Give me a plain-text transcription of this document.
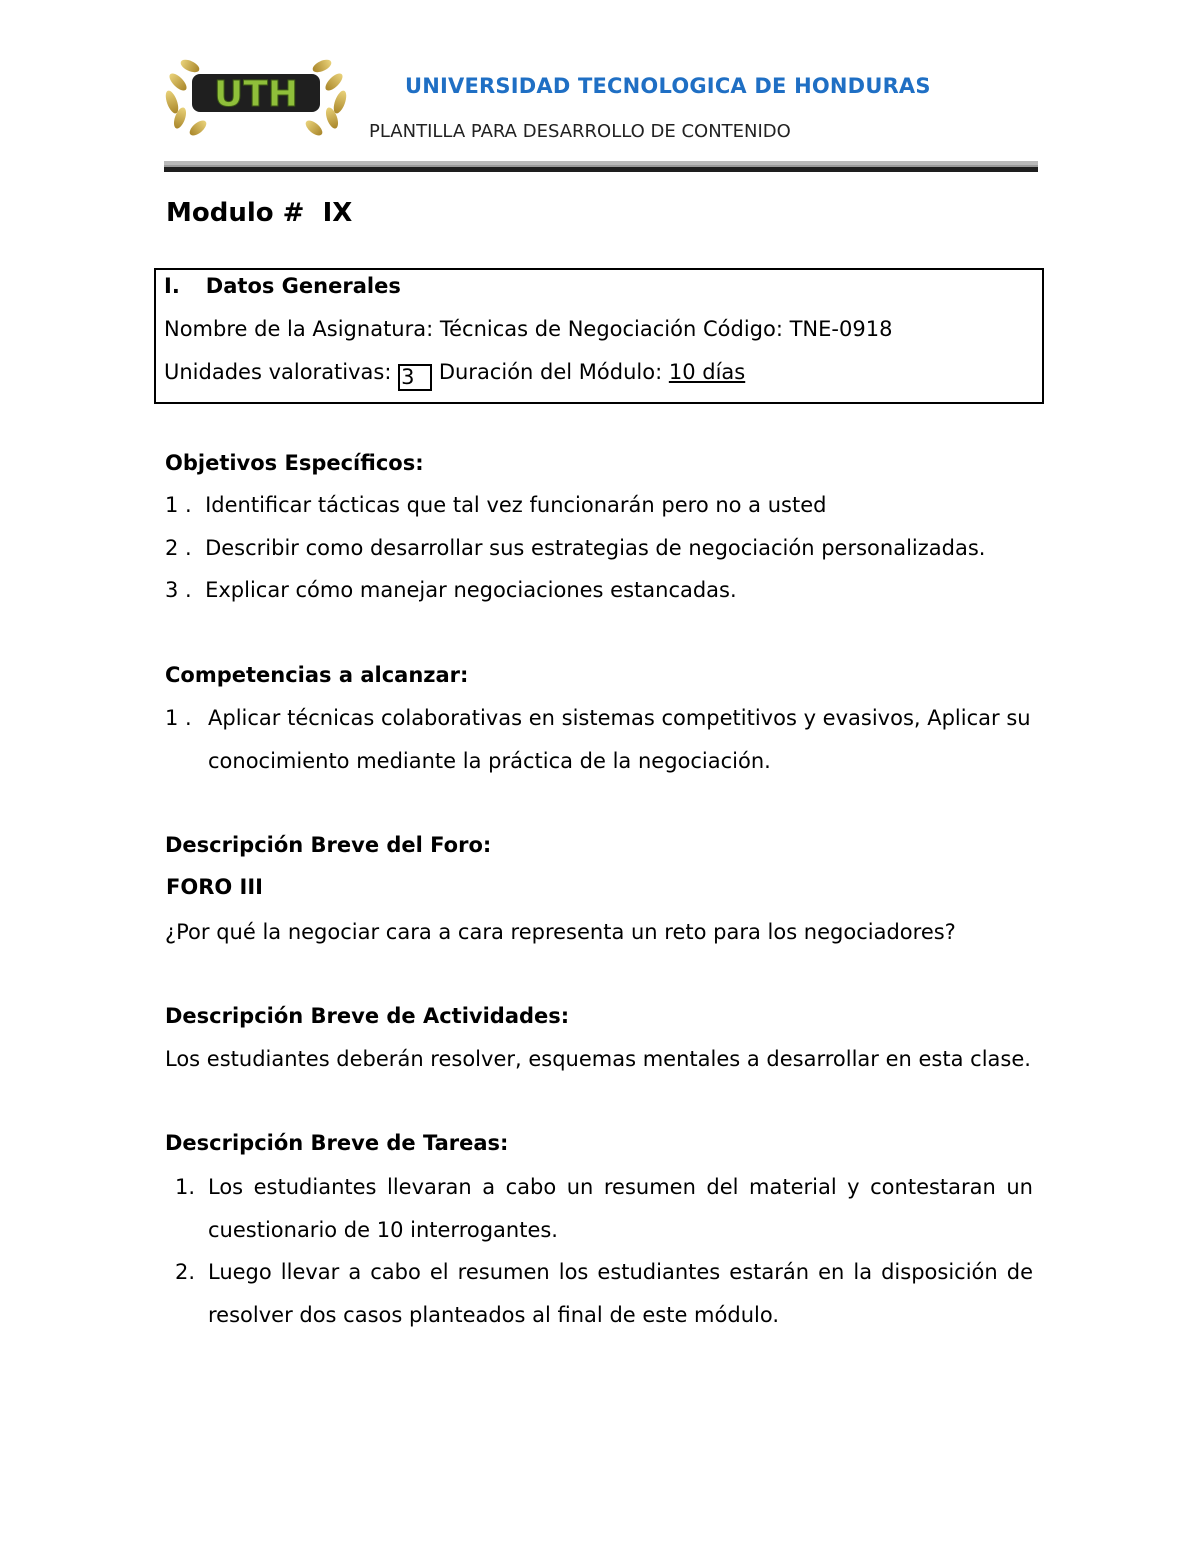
UTH	UNIVERSIDAD TECNOLOGICA DE HONDURAS
PLANTILLA PARA DESARROLLO DE CONTENIDO
Modulo # IX
I. Datos Generales
Nombre de la Asignatura: Técnicas de Negociación Código: TNE-0918
Unidades valorativas: 3 Duración del Módulo: 10 días
Objetivos Específicos:
1 . Identificar tácticas que tal vez funcionarán pero no a usted
2 . Describir como desarrollar sus estrategias de negociación personalizadas.
3 . Explicar cómo manejar negociaciones estancadas.
Competencias a alcanzar:
1 . Aplicar técnicas colaborativas en sistemas competitivos y evasivos, Aplicar su
conocimiento mediante la práctica de la negociación.
Descripción Breve del Foro:
FORO III
¿Por qué la negociar cara a cara representa un reto para los negociadores?
Descripción Breve de Actividades:
Los estudiantes deberán resolver, esquemas mentales a desarrollar en esta clase.
Descripción Breve de Tareas:
1. Los estudiantes llevaran a cabo un resumen del material y contestaran un
cuestionario de 10 interrogantes.
2. Luego llevar a cabo el resumen los estudiantes estarán en la disposición de
resolver dos casos planteados al final de este módulo.
